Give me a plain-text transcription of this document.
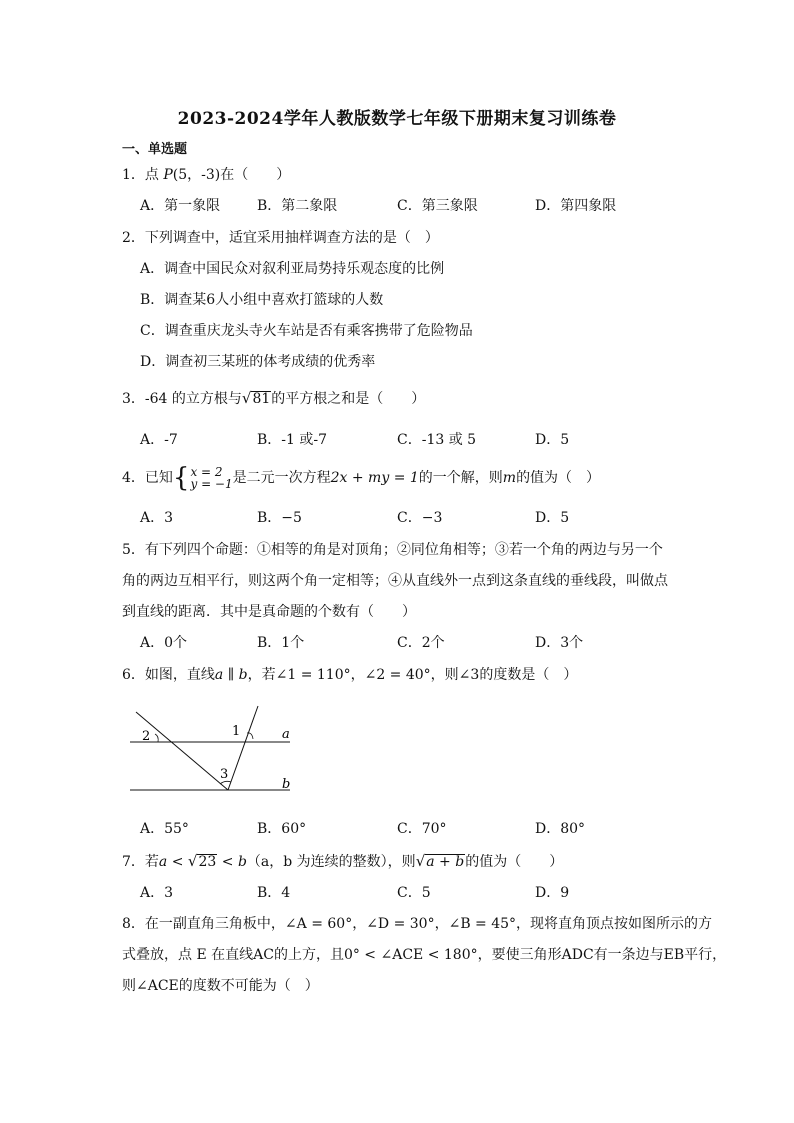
2023-2024学年人教版数学七年级下册期末复习训练卷
一、单选题
1．点 P(5，-3)在（　　）
A．第一象限	B．第二象限	C．第三象限	D．第四象限
2．下列调查中，适宜采用抽样调查方法的是（　）
A．调查中国民众对叙利亚局势持乐观态度的比例
B．调查某6人小组中喜欢打篮球的人数
C．调查重庆龙头寺火车站是否有乘客携带了危险物品
D．调查初三某班的体考成绩的优秀率
3．-64 的立方根与√81的平方根之和是（　　）
A．-7	B．-1 或-7	C．-13 或 5	D．5
4．已知{x = 2
y = −1是二元一次方程2x + my = 1的一个解，则m的值为（　）
A．3	B．−5	C．−3	D．5
5．有下列四个命题：①相等的角是对顶角；②同位角相等；③若一个角的两边与另一个
角的两边互相平行，则这两个角一定相等；④从直线外一点到这条直线的垂线段，叫做点
到直线的距离．其中是真命题的个数有（　　）
A．0个	B．1个	C．2个	D．3个
6．如图，直线a ∥ b，若∠1 = 110°，∠2 = 40°，则∠3的度数是（　）
1
2
3
a
b
A．55°	B．60°	C．70°	D．80°
7．若a < √23 < b（a，b 为连续的整数），则√a + b的值为（　　）
A．3	B．4	C．5	D．9
8．在一副直角三角板中，∠A = 60°，∠D = 30°，∠B = 45°，现将直角顶点按如图所示的方
式叠放，点 E 在直线AC的上方，且0° < ∠ACE < 180°，要使三角形ADC有一条边与EB平行，
则∠ACE的度数不可能为（　）
